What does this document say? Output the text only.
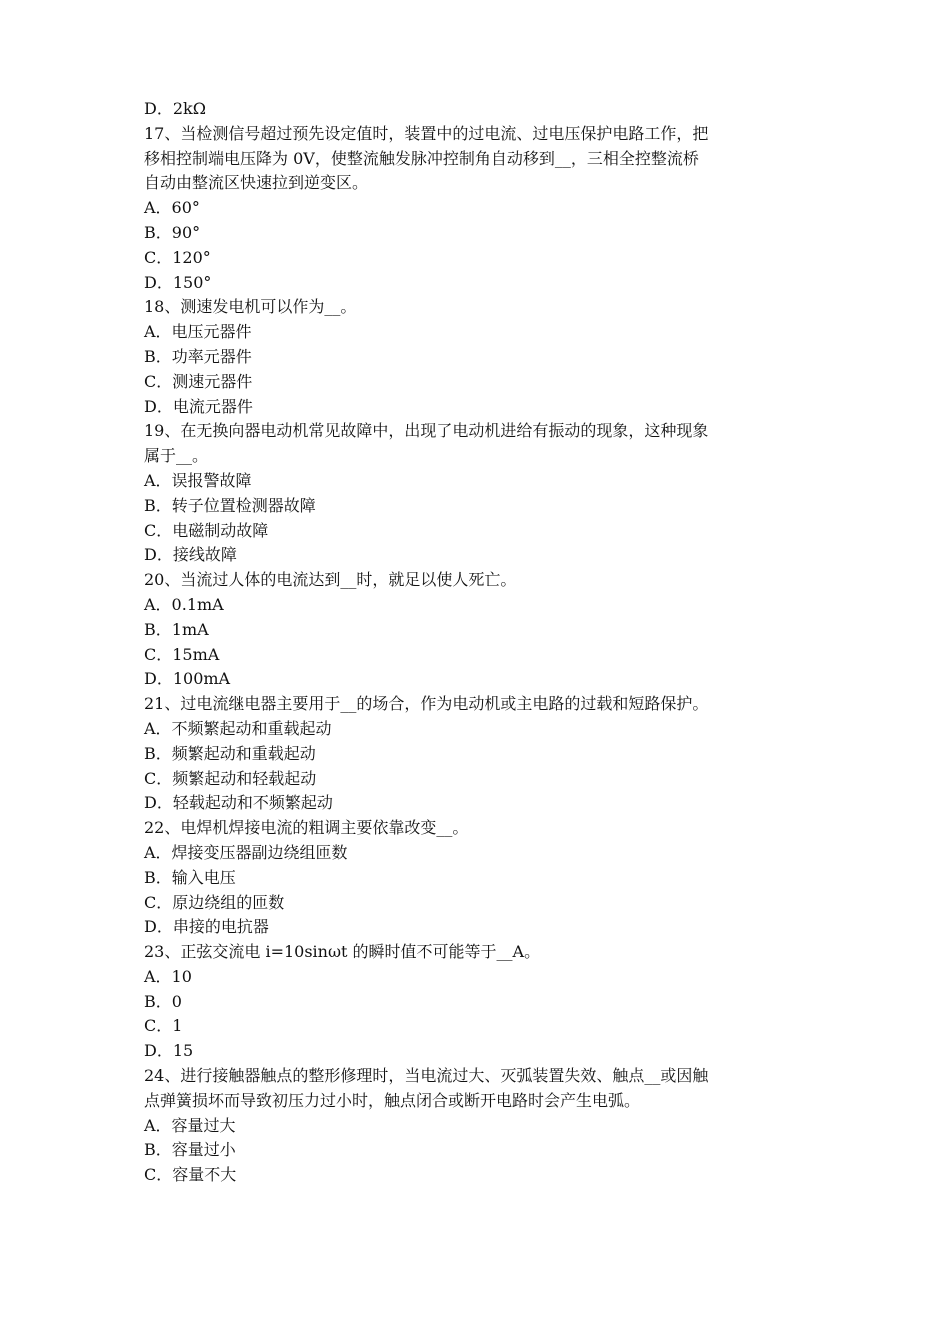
D．2kΩ
17、当检测信号超过预先设定值时，装置中的过电流、过电压保护电路工作，把
移相控制端电压降为 0V，使整流触发脉冲控制角自动移到__，三相全控整流桥
自动由整流区快速拉到逆变区。
A．60°
B．90°
C．120°
D．150°
18、测速发电机可以作为__。
A．电压元器件
B．功率元器件
C．测速元器件
D．电流元器件
19、在无换向器电动机常见故障中，出现了电动机进给有振动的现象，这种现象
属于__。
A．误报警故障
B．转子位置检测器故障
C．电磁制动故障
D．接线故障
20、当流过人体的电流达到__时，就足以使人死亡。
A．0.1mA
B．1mA
C．15mA
D．100mA
21、过电流继电器主要用于__的场合，作为电动机或主电路的过载和短路保护。
A．不频繁起动和重载起动
B．频繁起动和重载起动
C．频繁起动和轻载起动
D．轻载起动和不频繁起动
22、电焊机焊接电流的粗调主要依靠改变__。
A．焊接变压器副边绕组匝数
B．输入电压
C．原边绕组的匝数
D．串接的电抗器
23、正弦交流电 i=10sinωt 的瞬时值不可能等于__A。
A．10
B．0
C．1
D．15
24、进行接触器触点的整形修理时，当电流过大、灭弧装置失效、触点__或因触
点弹簧损坏而导致初压力过小时，触点闭合或断开电路时会产生电弧。
A．容量过大
B．容量过小
C．容量不大
